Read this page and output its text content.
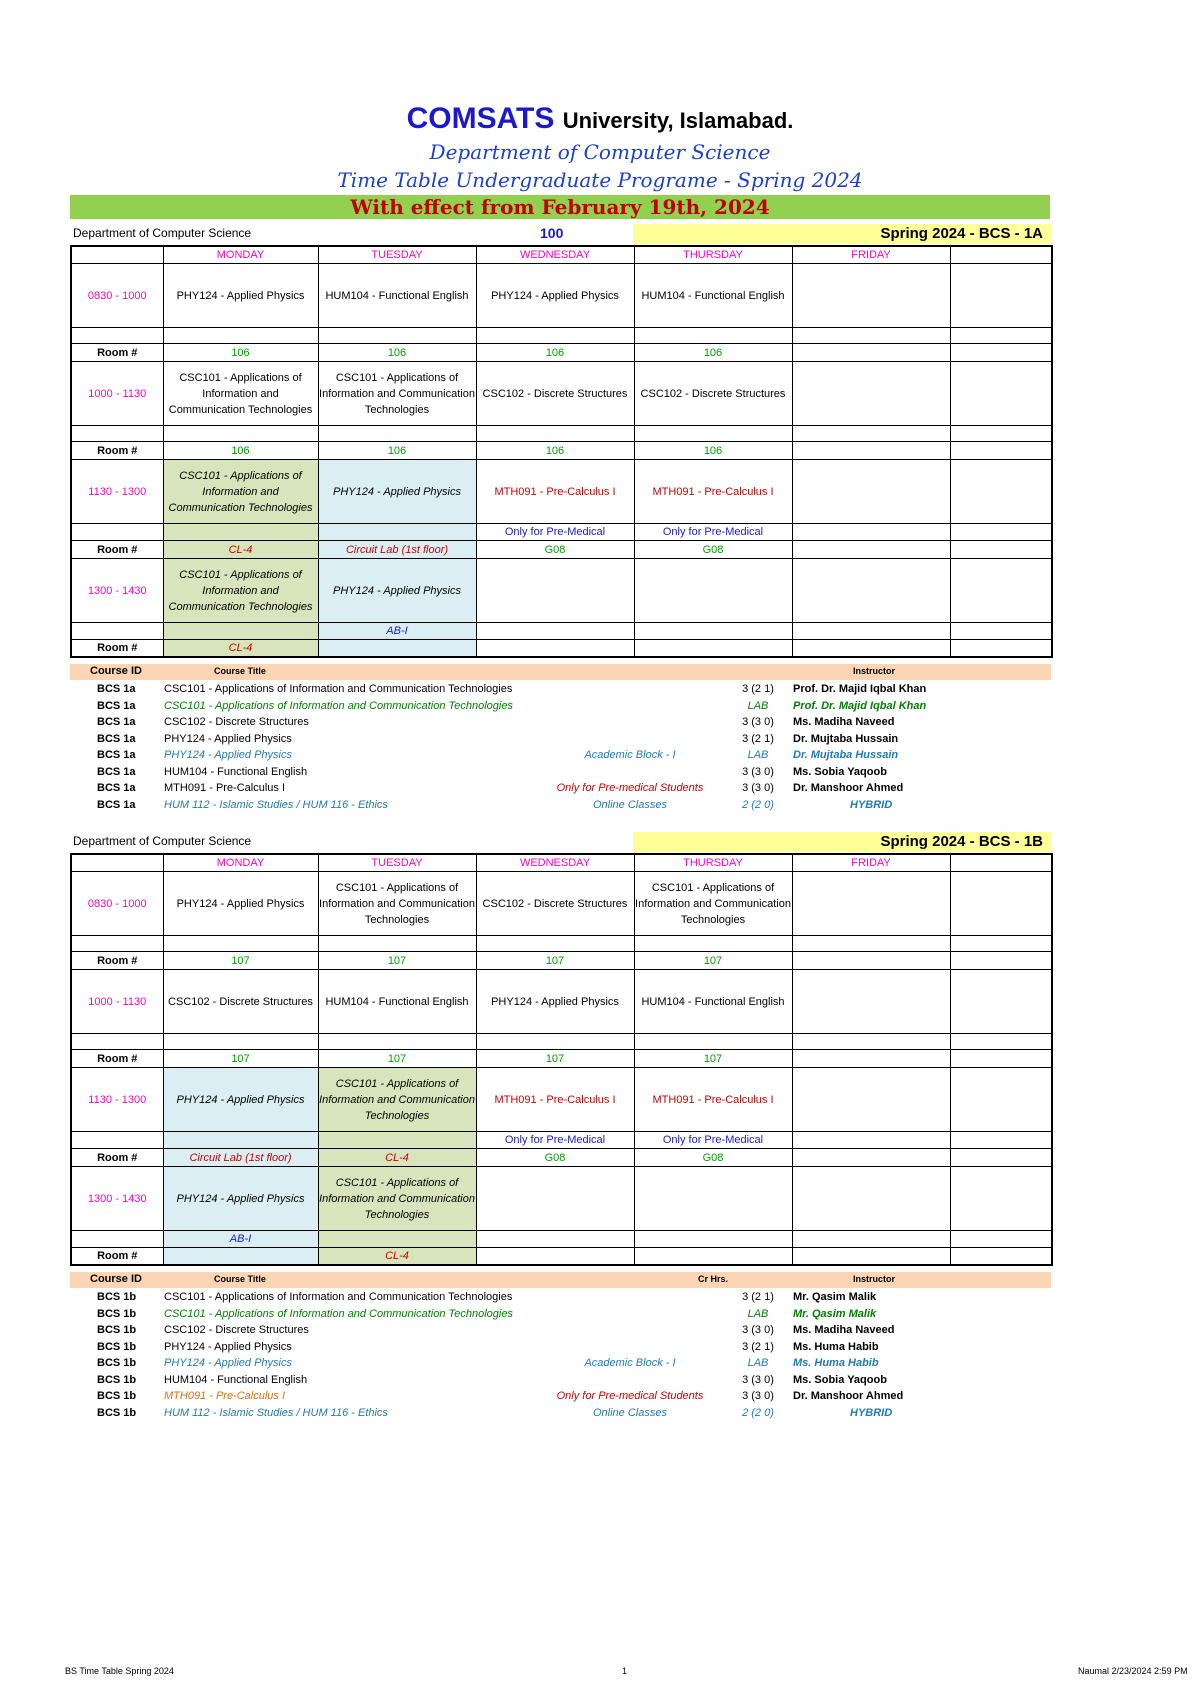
COMSATS University, Islamabad.
Department of Computer Science
Time Table Undergraduate Programe - Spring 2024
With effect from February 19th, 2024
Department of Computer Science	100	Spring 2024 - BCS - 1A
	MONDAY	TUESDAY	WEDNESDAY	THURSDAY	FRIDAY	
0830 - 1000	PHY124 - Applied Physics	HUM104 - Functional English	PHY124 - Applied Physics	HUM104 - Functional English		

Room #	106	106	106	106		
1000 - 1130	CSC101 - Applications of Information and Communication Technologies	CSC101 - Applications of Information and Communication Technologies	CSC102 - Discrete Structures	CSC102 - Discrete Structures		

Room #	106	106	106	106		
1130 - 1300	CSC101 - Applications of Information and Communication Technologies	PHY124 - Applied Physics	MTH091 - Pre-Calculus I	MTH091 - Pre-Calculus I		
			Only for Pre-Medical	Only for Pre-Medical		
Room #	CL-4	Circuit Lab (1st floor)	G08	G08		
1300 - 1430	CSC101 - Applications of Information and Communication Technologies	PHY124 - Applied Physics				
		AB-I				
Room #	CL-4					
Course ID	Course Title	Instructor
BCS 1a	CSC101 - Applications of Information and Communication Technologies	3 (2 1)	Prof. Dr. Majid Iqbal Khan
BCS 1a	CSC101 - Applications of Information and Communication Technologies	LAB	Prof. Dr. Majid Iqbal Khan
BCS 1a	CSC102 - Discrete Structures	3 (3 0)	Ms. Madiha Naveed
BCS 1a	PHY124 - Applied Physics	3 (2 1)	Dr. Mujtaba Hussain
BCS 1a	PHY124 - Applied Physics	Academic Block - I	LAB	Dr. Mujtaba Hussain
BCS 1a	HUM104 - Functional English	3 (3 0)	Ms. Sobia Yaqoob
BCS 1a	MTH091 - Pre-Calculus I	Only for Pre-medical Students	3 (3 0)	Dr. Manshoor Ahmed
BCS 1a	HUM 112 - Islamic Studies / HUM 116 - Ethics	Online Classes	2 (2 0)	HYBRID
Department of Computer Science	Spring 2024 - BCS - 1B
	MONDAY	TUESDAY	WEDNESDAY	THURSDAY	FRIDAY	
0830 - 1000	PHY124 - Applied Physics	CSC101 - Applications of Information and Communication Technologies	CSC102 - Discrete Structures	CSC101 - Applications of Information and Communication Technologies		

Room #	107	107	107	107		
1000 - 1130	CSC102 - Discrete Structures	HUM104 - Functional English	PHY124 - Applied Physics	HUM104 - Functional English		

Room #	107	107	107	107		
1130 - 1300	PHY124 - Applied Physics	CSC101 - Applications of Information and Communication Technologies	MTH091 - Pre-Calculus I	MTH091 - Pre-Calculus I		
			Only for Pre-Medical	Only for Pre-Medical		
Room #	Circuit Lab (1st floor)	CL-4	G08	G08		
1300 - 1430	PHY124 - Applied Physics	CSC101 - Applications of Information and Communication Technologies				
	AB-I					
Room #		CL-4				
Course ID	Course Title	Cr Hrs.	Instructor
BCS 1b	CSC101 - Applications of Information and Communication Technologies	3 (2 1)	Mr. Qasim Malik
BCS 1b	CSC101 - Applications of Information and Communication Technologies	LAB	Mr. Qasim Malik
BCS 1b	CSC102 - Discrete Structures	3 (3 0)	Ms. Madiha Naveed
BCS 1b	PHY124 - Applied Physics	3 (2 1)	Ms. Huma Habib
BCS 1b	PHY124 - Applied Physics	Academic Block - I	LAB	Ms. Huma Habib
BCS 1b	HUM104 - Functional English	3 (3 0)	Ms. Sobia Yaqoob
BCS 1b	MTH091 - Pre-Calculus I	Only for Pre-medical Students	3 (3 0)	Dr. Manshoor Ahmed
BCS 1b	HUM 112 - Islamic Studies / HUM 116 - Ethics	Online Classes	2 (2 0)	HYBRID
BS Time Table Spring 2024	1	Naumal 2/23/2024 2:59 PM
